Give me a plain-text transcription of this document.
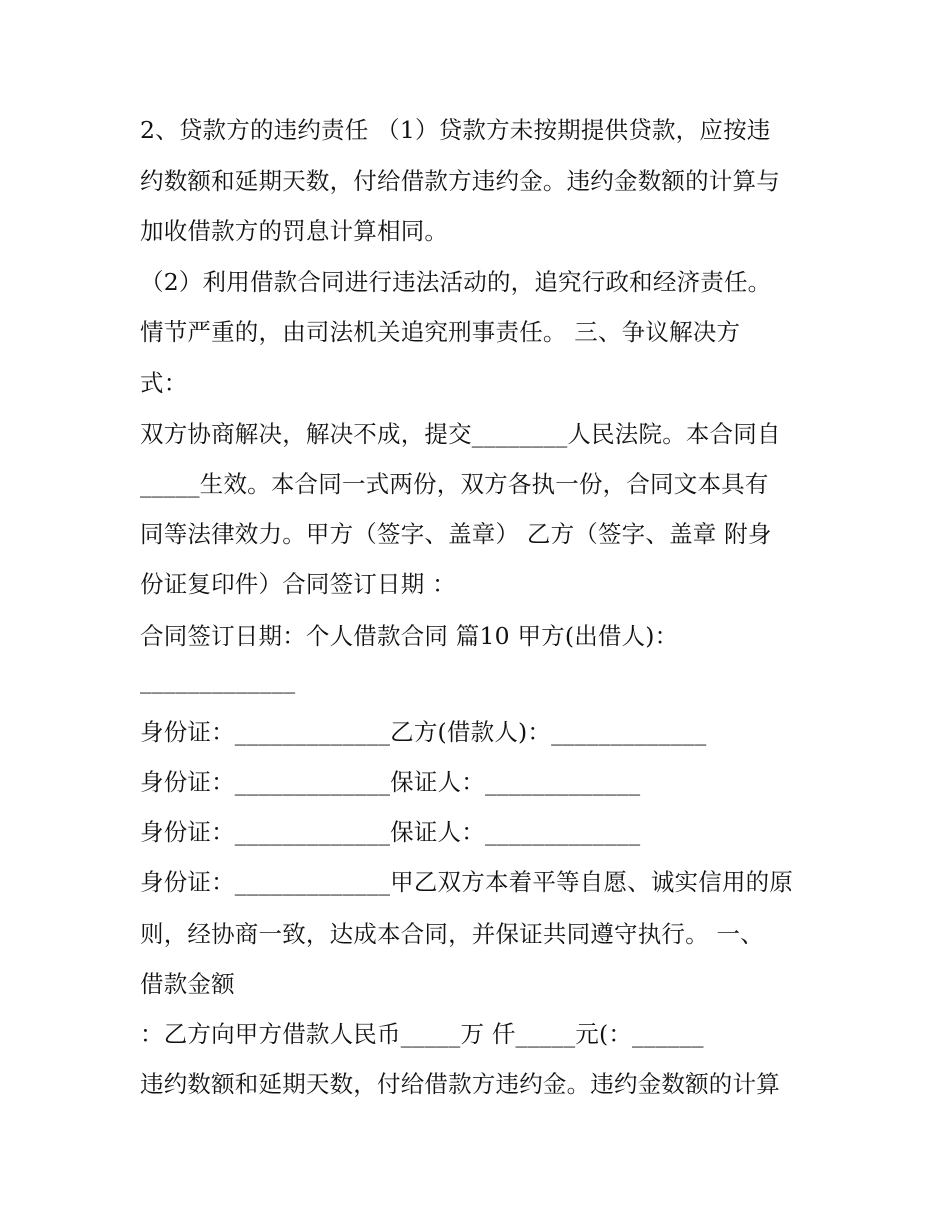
2、贷款方的违约责任 （1）贷款方未按期提供贷款，应按违
约数额和延期天数，付给借款方违约金。违约金数额的计算与
加收借款方的罚息计算相同。
（2）利用借款合同进行违法活动的，追究行政和经济责任。
情节严重的，由司法机关追究刑事责任。 三、争议解决方
式：
双方协商解决，解决不成，提交________人民法院。本合同自
_____生效。本合同一式两份，双方各执一份，合同文本具有
同等法律效力。甲方（签字、盖章） 乙方（签字、盖章 附身
份证复印件）合同签订日期 ：
合同签订日期：个人借款合同 篇10 甲方(出借人)：
_____________
身份证：_____________乙方(借款人)：_____________
身份证：_____________保证人：_____________
身份证：_____________保证人：_____________
身份证：_____________甲乙双方本着平等自愿、诚实信用的原
则，经协商一致，达成本合同，并保证共同遵守执行。 一、
借款金额
：乙方向甲方借款人民币_____万 仟_____元(：______
违约数额和延期天数，付给借款方违约金。违约金数额的计算
